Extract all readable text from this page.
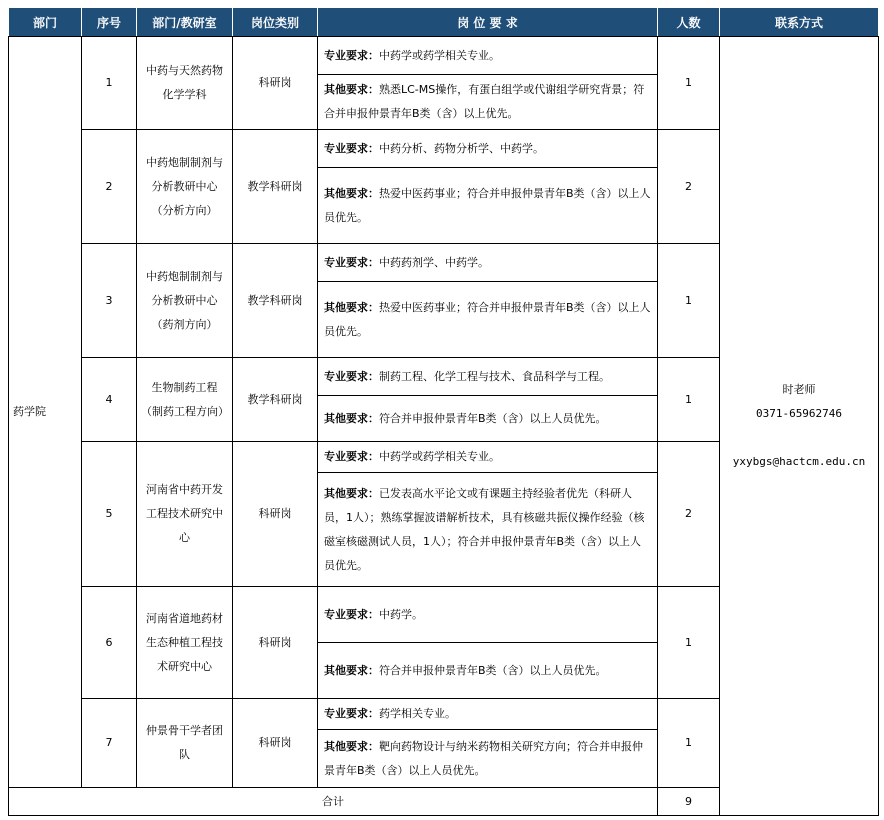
部门	序号	部门/教研室	岗位类别	岗 位 要 求	人数	联系方式
药学院	1	中药与天然药物化学学科	科研岗	专业要求：中药学或药学相关专业。	1	时老师
0371-65962746
yxybgs@hactcm.edu.cn

				其他要求：熟悉LC-MS操作，有蛋白组学或代谢组学研究背景；符合并申报仲景青年B类（含）以上优先。		
	2	中药炮制制剂与分析教研中心（分析方向）	教学科研岗	专业要求：中药分析、药物分析学、中药学。	2	
				其他要求：热爱中医药事业；符合并申报仲景青年B类（含）以上人员优先。		
	3	中药炮制制剂与分析教研中心（药剂方向）	教学科研岗	专业要求：中药药剂学、中药学。	1	
				其他要求：热爱中医药事业；符合并申报仲景青年B类（含）以上人员优先。		
	4	生物制药工程（制药工程方向）	教学科研岗	专业要求：制药工程、化学工程与技术、食品科学与工程。	1	
				其他要求：符合并申报仲景青年B类（含）以上人员优先。		
	5	河南省中药开发工程技术研究中心	科研岗	专业要求：中药学或药学相关专业。	2	
				其他要求：已发表高水平论文或有课题主持经验者优先（科研人员，1人）；熟练掌握波谱解析技术，具有核磁共振仪操作经验（核磁室核磁测试人员，1人）；符合并申报仲景青年B类（含）以上人员优先。		
	6	河南省道地药材生态种植工程技术研究中心	科研岗	专业要求：中药学。	1	
				其他要求：符合并申报仲景青年B类（含）以上人员优先。		
	7	仲景骨干学者团队	科研岗	专业要求：药学相关专业。	1	
				其他要求：靶向药物设计与纳米药物相关研究方向；符合并申报仲景青年B类（含）以上人员优先。		
合计					9	
